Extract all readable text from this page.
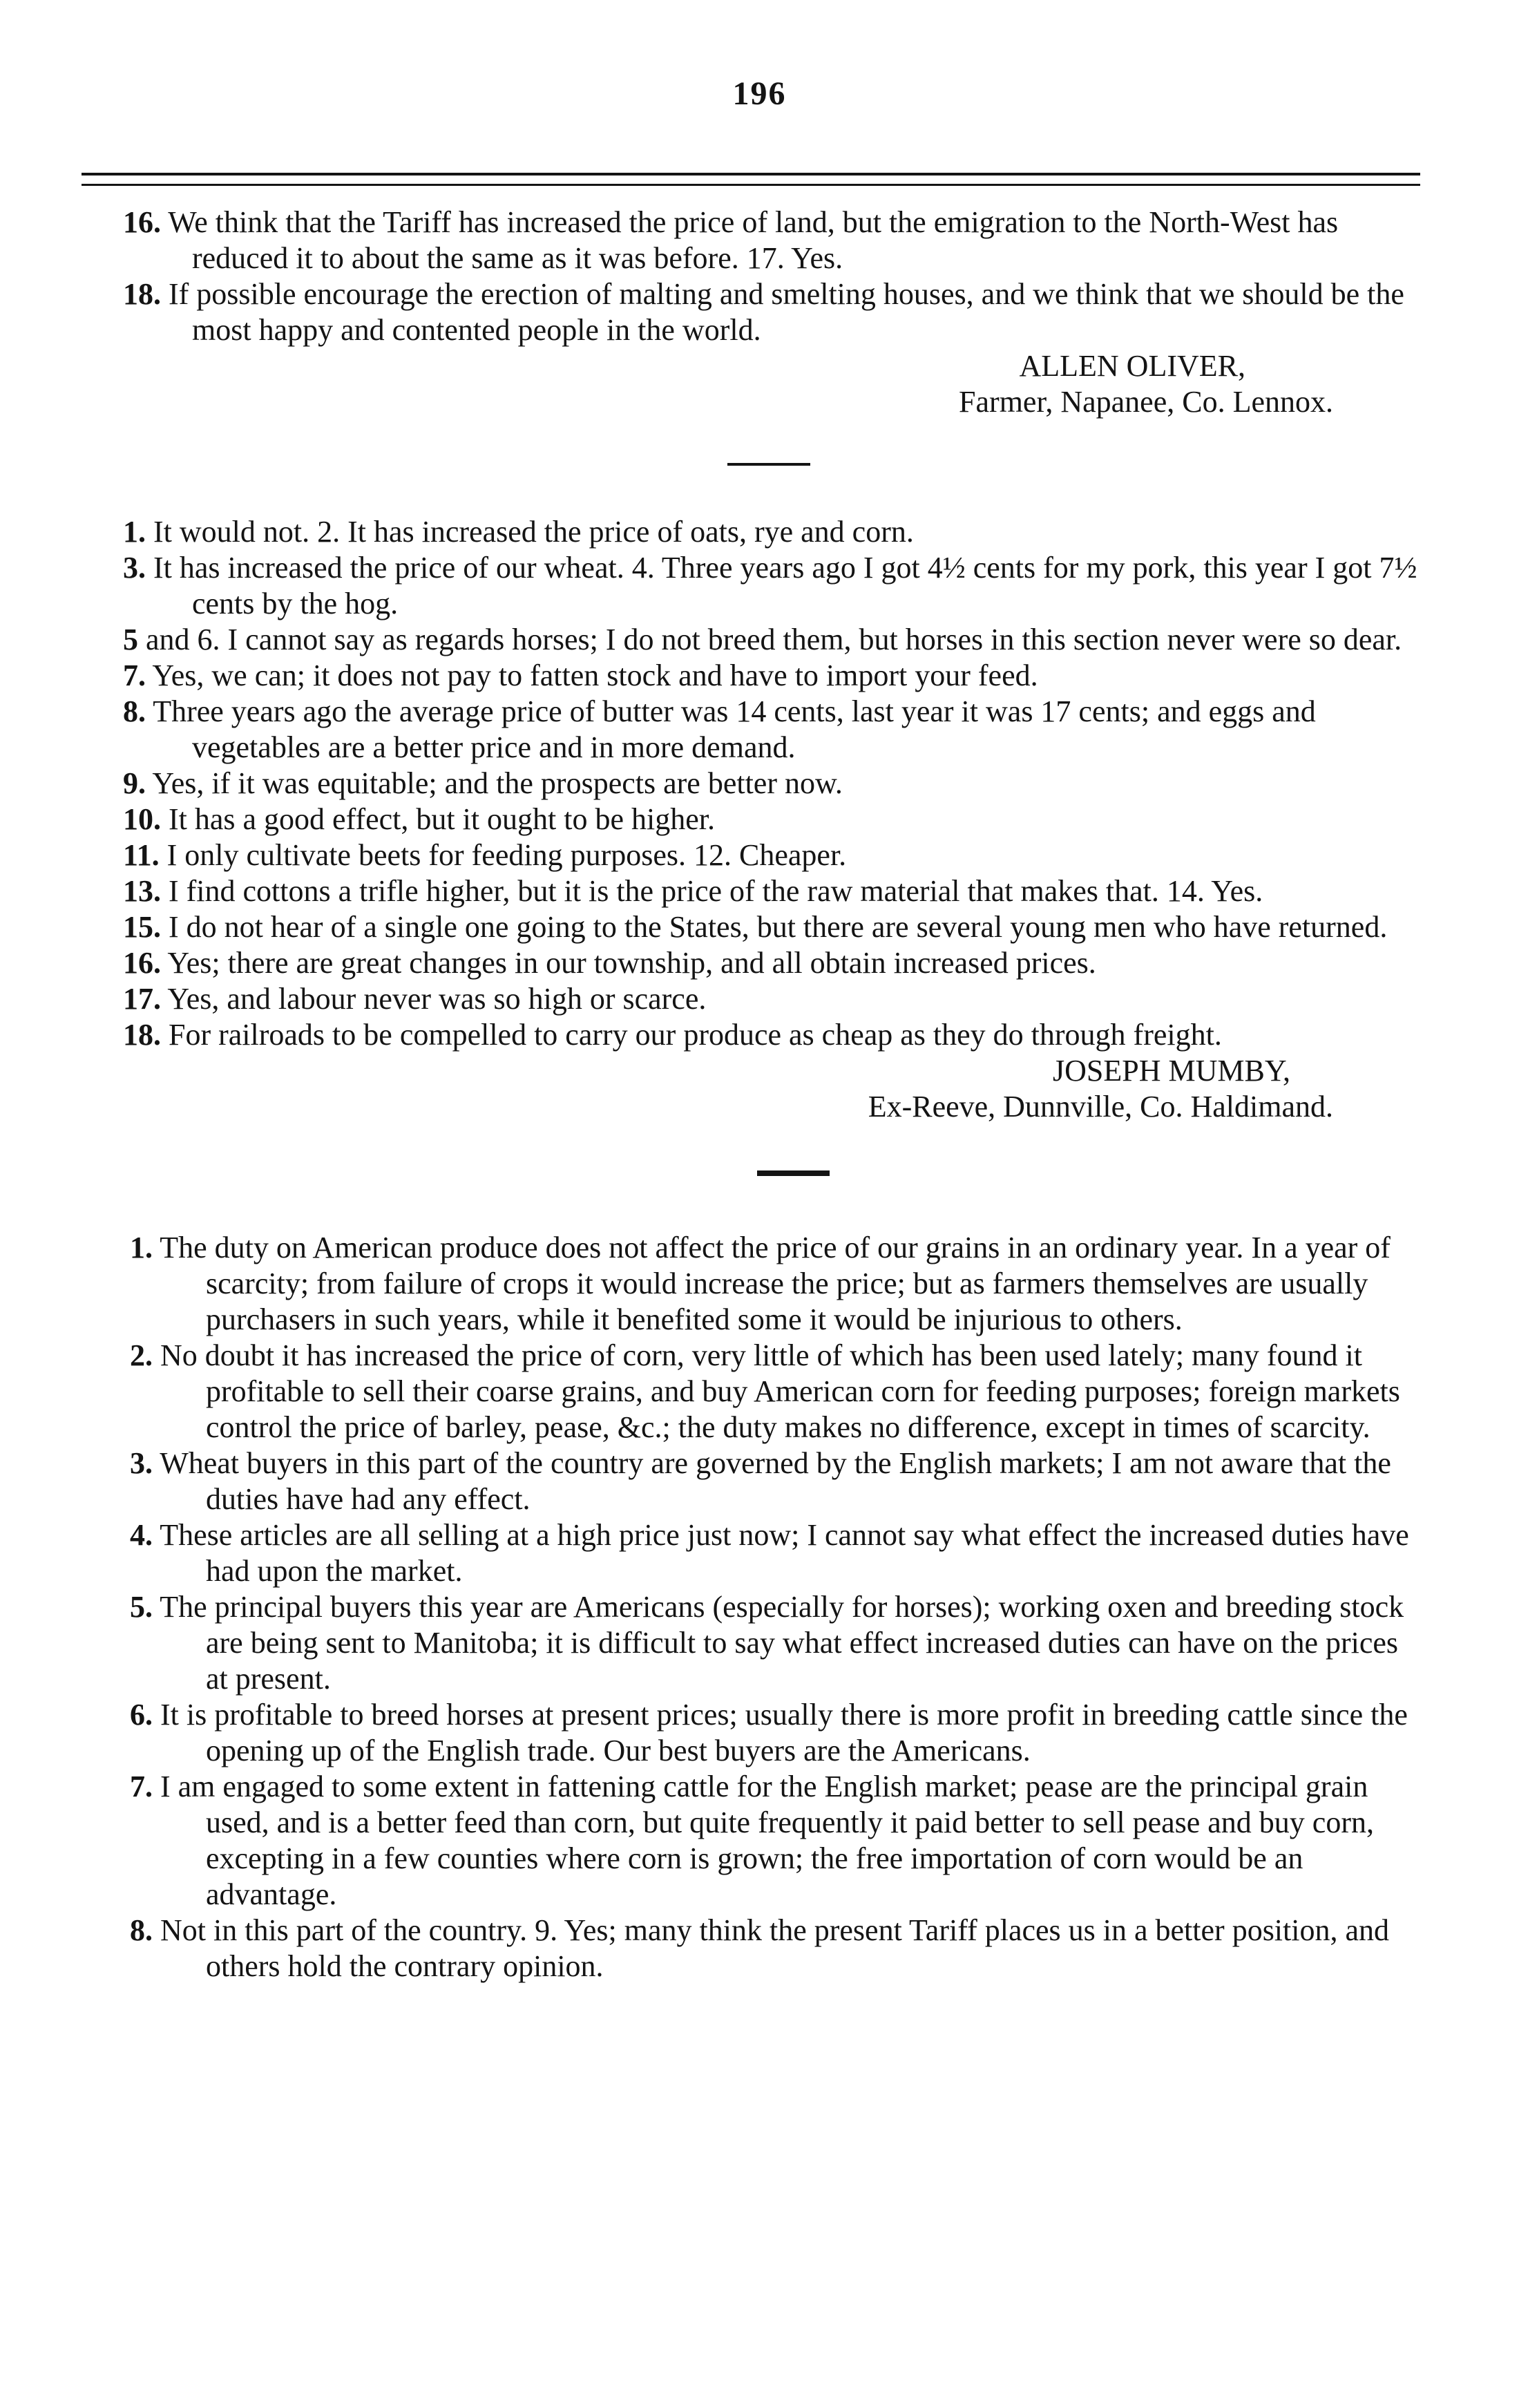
196

16. We think that the Tariff has increased the price of land, but the emigration to the North-West has reduced it to about the same as it was before. 17. Yes.

18. If possible encourage the erection of malting and smelting houses, and we think that we should be the most happy and contented people in the world.

ALLEN OLIVER,

Farmer, Napanee, Co. Lennox.

1. It would not. 2. It has increased the price of oats, rye and corn.

3. It has increased the price of our wheat. 4. Three years ago I got 4½ cents for my pork, this year I got 7½ cents by the hog.

5 and 6. I cannot say as regards horses; I do not breed them, but horses in this section never were so dear.

7. Yes, we can; it does not pay to fatten stock and have to import your feed.

8. Three years ago the average price of butter was 14 cents, last year it was 17 cents; and eggs and vegetables are a better price and in more demand.

9. Yes, if it was equitable; and the prospects are better now.

10. It has a good effect, but it ought to be higher.

11. I only cultivate beets for feeding purposes. 12. Cheaper.

13. I find cottons a trifle higher, but it is the price of the raw material that makes that. 14. Yes.

15. I do not hear of a single one going to the States, but there are several young men who have returned.

16. Yes; there are great changes in our township, and all obtain increased prices.

17. Yes, and labour never was so high or scarce.

18. For railroads to be compelled to carry our produce as cheap as they do through freight.

JOSEPH MUMBY,

Ex-Reeve, Dunnville, Co. Haldimand.

1. The duty on American produce does not affect the price of our grains in an ordinary year. In a year of scarcity; from failure of crops it would increase the price; but as farmers themselves are usually purchasers in such years, while it benefited some it would be injurious to others.

2. No doubt it has increased the price of corn, very little of which has been used lately; many found it profitable to sell their coarse grains, and buy American corn for feeding purposes; foreign markets control the price of barley, pease, &c.; the duty makes no difference, except in times of scarcity.

3. Wheat buyers in this part of the country are governed by the English markets; I am not aware that the duties have had any effect.

4. These articles are all selling at a high price just now; I cannot say what effect the increased duties have had upon the market.

5. The principal buyers this year are Americans (especially for horses); working oxen and breeding stock are being sent to Manitoba; it is difficult to say what effect increased duties can have on the prices at present.

6. It is profitable to breed horses at present prices; usually there is more profit in breeding cattle since the opening up of the English trade. Our best buyers are the Americans.

7. I am engaged to some extent in fattening cattle for the English market; pease are the principal grain used, and is a better feed than corn, but quite frequently it paid better to sell pease and buy corn, excepting in a few counties where corn is grown; the free importation of corn would be an advantage.

8. Not in this part of the country. 9. Yes; many think the present Tariff places us in a better position, and others hold the contrary opinion.
